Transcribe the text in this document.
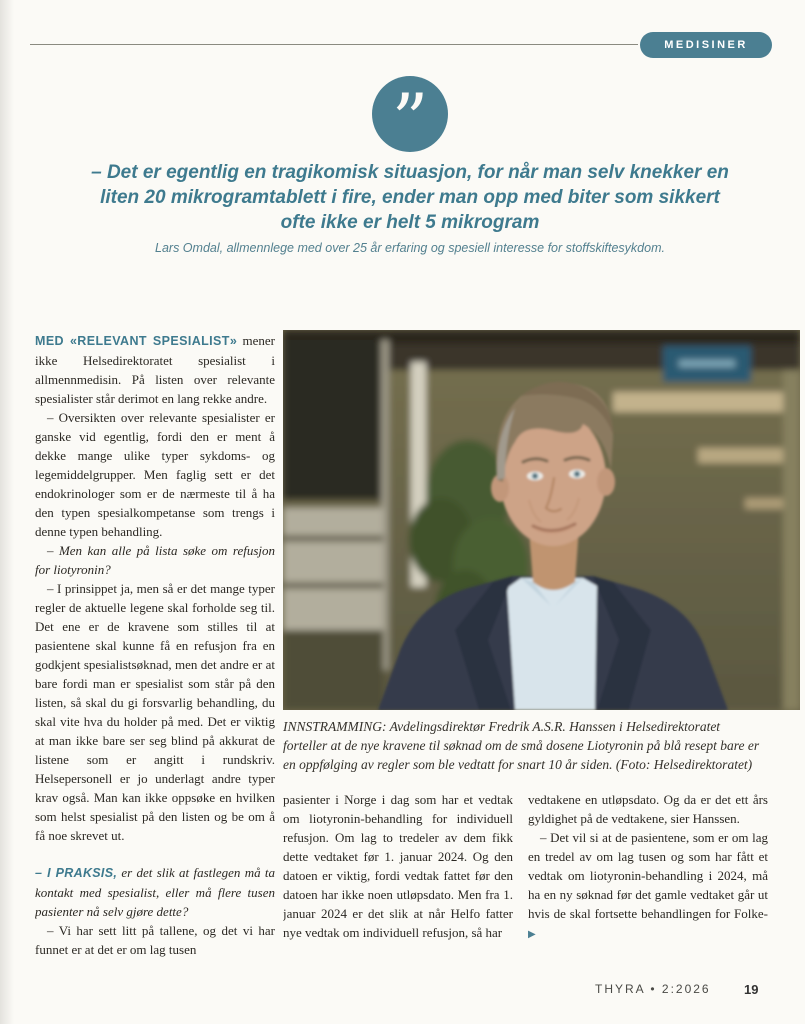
MEDISINER
”
– Det er egentlig en tragikomisk situasjon, for når man selv knekker en liten 20 mikrogramtablett i fire, ender man opp med biter som sikkert ofte ikke er helt 5 mikrogram
Lars Omdal, allmennlege med over 25 år erfaring og spesiell interesse for stoffskiftesykdom.
INNSTRAMMING: Avdelingsdirektør Fredrik A.S.R. Hanssen i Helsedirektoratet forteller at de nye kravene til søknad om de små dosene Liotyronin på blå resept bare er en oppfølging av regler som ble vedtatt for snart 10 år siden. (Foto: Helsedirektoratet)

MED «RELEVANT SPESIALIST» mener ikke Helsedirektoratet spesialist i allmennmedisin. På listen over relevante spesialister står derimot en lang rekke andre.

– Oversikten over relevante spesialister er ganske vid egentlig, fordi den er ment å dekke mange ulike typer sykdoms- og legemiddelgrupper. Men faglig sett er det endokrinologer som er de nærmeste til å ha den typen spesialkompetanse som trengs i denne typen behandling.

– Men kan alle på lista søke om refusjon for liotyronin?

– I prinsippet ja, men så er det mange typer regler de aktuelle legene skal forholde seg til. Det ene er de kravene som stilles til at pasientene skal kunne få en refusjon fra en godkjent spesialistsøknad, men det andre er at bare fordi man er spesialist som står på den listen, så skal du gi forsvarlig behandling, du skal vite hva du holder på med. Det er viktig at man ikke bare ser seg blind på akkurat de listene som er angitt i rundskriv. Helsepersonell er jo underlagt andre typer krav også. Man kan ikke oppsøke en hvilken som helst spesialist på den listen og be om å få noe skrevet ut.

– I PRAKSIS, er det slik at fastlegen må ta kontakt med spesialist, eller må flere tusen pasienter nå selv gjøre dette?

– Vi har sett litt på tallene, og det vi har funnet er at det er om lag tusen

pasienter i Norge i dag som har et vedtak om liotyronin-behandling for individuell refusjon. Om lag to tredeler av dem fikk dette vedtaket før 1. januar 2024. Og den datoen er viktig, fordi vedtak fattet før den datoen har ikke noen utløpsdato. Men fra 1. januar 2024 er det slik at når Helfo fatter nye vedtak om individuell refusjon, så har

vedtakene en utløpsdato. Og da er det ett års gyldighet på de vedtakene, sier Hanssen.

– Det vil si at de pasientene, som er om lag en tredel av om lag tusen og som har fått et vedtak om liotyronin-behandling i 2024, må ha en ny søknad før det gamle vedtaket går ut hvis de skal fortsette behandlingen for Folke- ▶

THYRA • 2:2026	19
